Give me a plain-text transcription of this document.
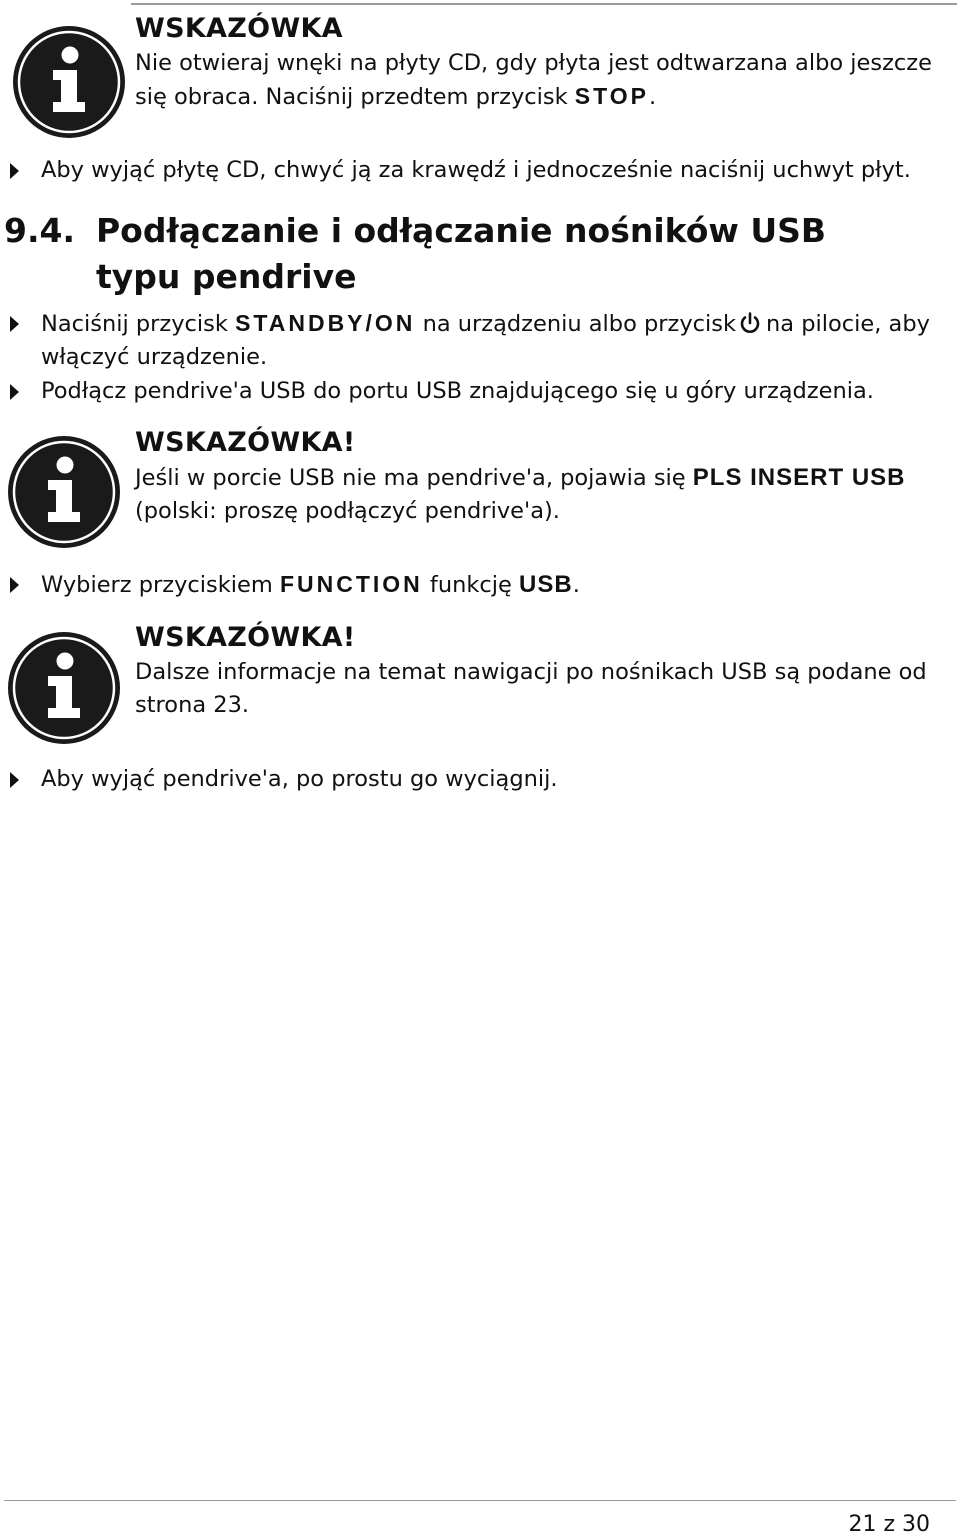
WSKAZÓWKA
Nie otwieraj wnęki na płyty CD, gdy płyta jest odtwarzana albo jeszcze się obraca. Naciśnij przedtem przycisk STOP.
Aby wyjąć płytę CD, chwyć ją za krawędź i jednocześnie naciśnij uchwyt płyt.
9.4. Podłączanie i odłączanie nośników USB typu pendrive
Naciśnij przycisk STANDBY/ON na urządzeniu albo przycisk na pilocie, aby włączyć urządzenie.
Podłącz pendrive'a USB do portu USB znajdującego się u góry urządzenia.
WSKAZÓWKA!
Jeśli w porcie USB nie ma pendrive'a, pojawia się PLS INSERT USB (polski: proszę podłączyć pendrive'a).
Wybierz przyciskiem FUNCTION funkcję USB.
WSKAZÓWKA!
Dalsze informacje na temat nawigacji po nośnikach USB są podane od strona 23.
Aby wyjąć pendrive'a, po prostu go wyciągnij.
21 z 30
